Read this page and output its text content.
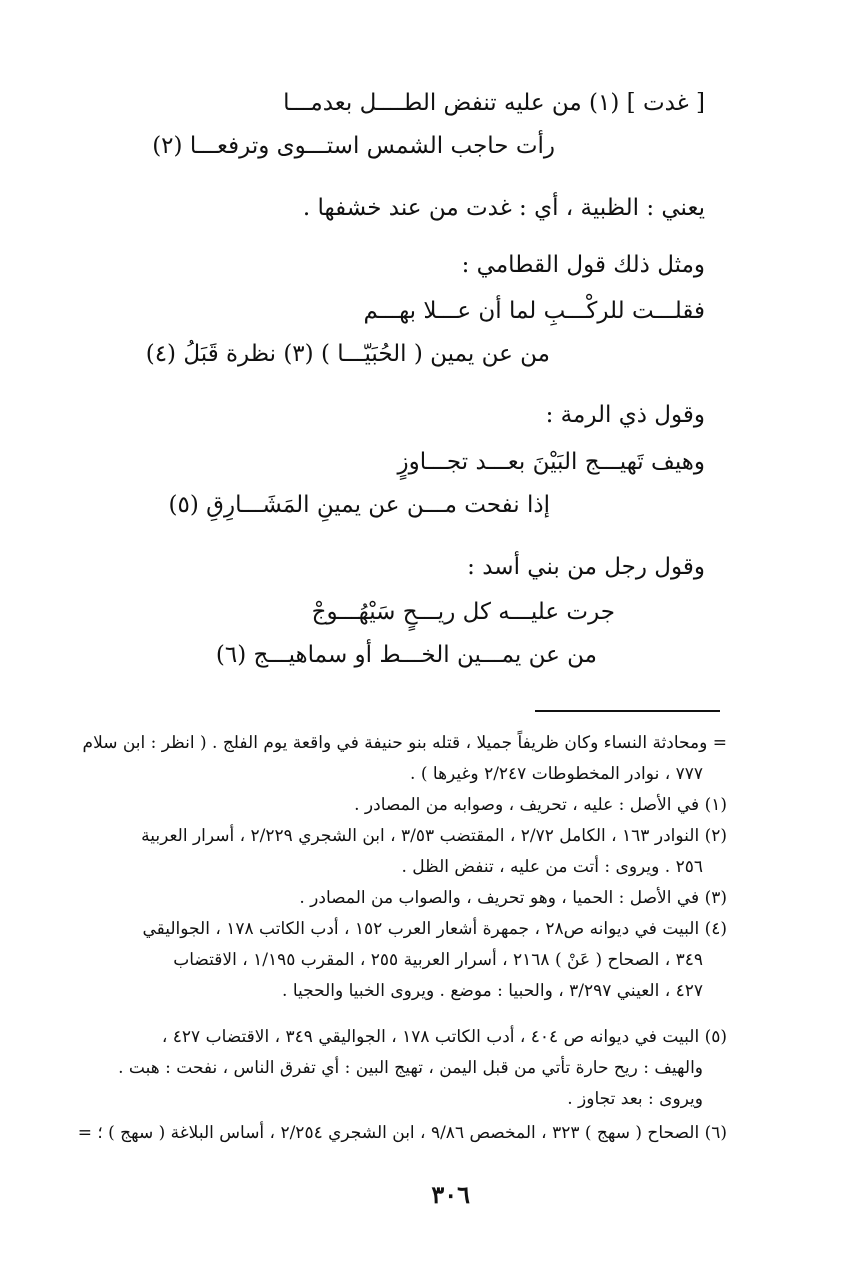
[ غدت ] (١) من عليه تنفض الطــــل بعدمـــا
رأت حاجب الشمس استـــوى وترفعـــا (٢)
يعني : الظبية ، أي : غدت من عند خشفها .
ومثل ذلك قول القطامي :
فقلـــت للركْـــبِ لما أن عـــلا بهـــم
من عن يمين ( الحُبَيّـــا ) (٣) نظرة قَبَلُ (٤)
وقول ذي الرمة :
وهيف تَهيـــج البَيْنَ بعـــد تجـــاوزٍ
إذا نفحت مـــن عن يمينِ المَشَـــارِقِ (٥)
وقول رجل من بني أسد :
جرت عليـــه كل ريـــحٍ سَيْهُـــوجْ
من عن يمـــين الخـــط أو سماهيـــج (٦)
= ومحادثة النساء وكان ظريفاً جميلا ، قتله بنو حنيفة في واقعة يوم الفلج . ( انظر : ابن سلام
٧٧٧ ، نوادر المخطوطات ٢/٢٤٧ وغيرها ) .
(١) في الأصل : عليه ، تحريف ، وصوابه من المصادر .
(٢) النوادر ١٦٣ ، الكامل ٢/٧٢ ، المقتضب ٣/٥٣ ، ابن الشجري ٢/٢٢٩ ، أسرار العربية
٢٥٦ . ويروى : أتت من عليه ، تنفض الظل .
(٣) في الأصل : الحميا ، وهو تحريف ، والصواب من المصادر .
(٤) البيت في ديوانه ص٢٨ ، جمهرة أشعار العرب ١٥٢ ، أدب الكاتب ١٧٨ ، الجواليقي
٣٤٩ ، الصحاح ( عَنْ ) ٢١٦٨ ، أسرار العربية ٢٥٥ ، المقرب ١/١٩٥ ، الاقتضاب
٤٢٧ ، العيني ٣/٢٩٧ ، والحبيا : موضع . ويروى الخبيا والحجيا .
(٥) البيت في ديوانه ص ٤٠٤ ، أدب الكاتب ١٧٨ ، الجواليقي ٣٤٩ ، الاقتضاب ٤٢٧ ،
والهيف : ريح حارة تأتي من قبل اليمن ، تهيج البين : أي تفرق الناس ، نفحت : هبت .
ويروى : بعد تجاوز .
(٦) الصحاح ( سهج ) ٣٢٣ ، المخصص ٩/٨٦ ، ابن الشجري ٢/٢٥٤ ، أساس البلاغة ( سهج ) ؛ =
٣٠٦
